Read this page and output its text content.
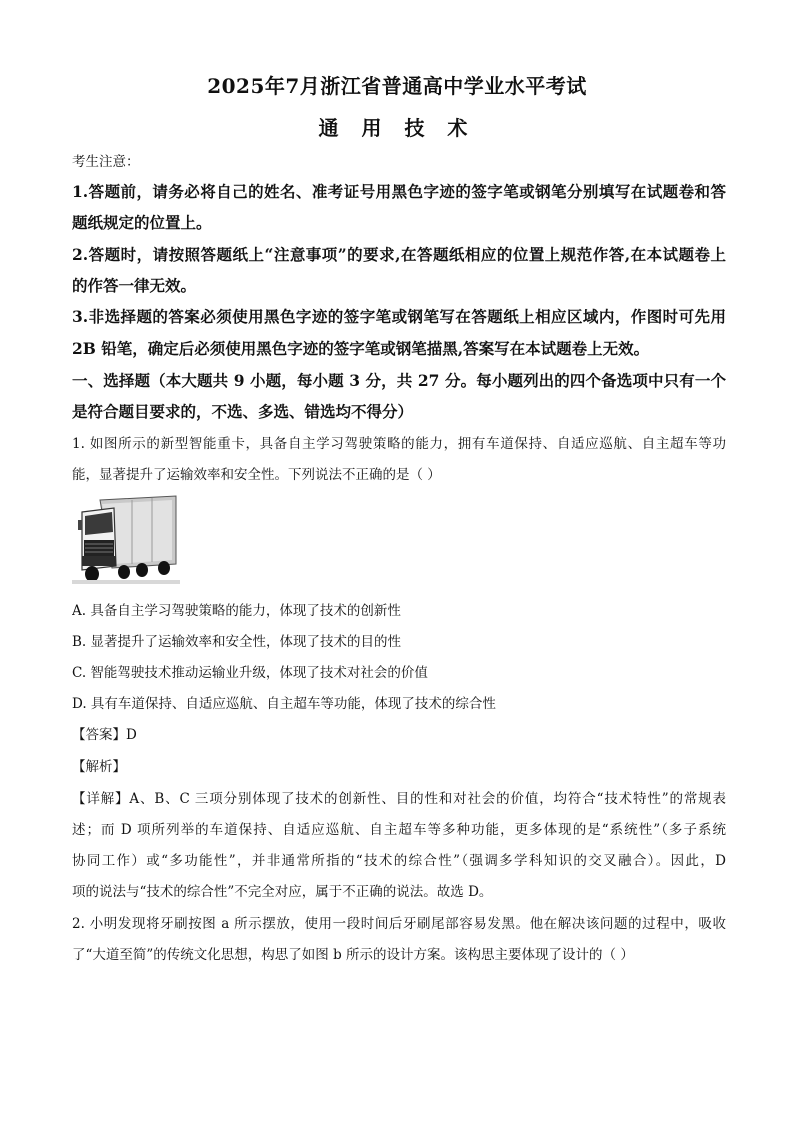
2025年7月浙江省普通高中学业水平考试
通 用 技 术
考生注意：
1.答题前，请务必将自己的姓名、准考证号用黑色字迹的签字笔或钢笔分别填写在试题卷和答
题纸规定的位置上。
2.答题时，请按照答题纸上“注意事项”的要求,在答题纸相应的位置上规范作答,在本试题卷上
的作答一律无效。
3.非选择题的答案必须使用黑色字迹的签字笔或钢笔写在答题纸上相应区域内，作图时可先用
2B 铅笔，确定后必须使用黑色字迹的签字笔或钢笔描黑,答案写在本试题卷上无效。
一、选择题（本大题共 9 小题，每小题 3 分，共 27 分。每小题列出的四个备选项中只有一个
是符合题目要求的，不选、多选、错选均不得分）
1. 如图所示的新型智能重卡，具备自主学习驾驶策略的能力，拥有车道保持、自适应巡航、自主超车等功
能，显著提升了运输效率和安全性。下列说法不正确的是（ ）
A. 具备自主学习驾驶策略的能力，体现了技术的创新性
B. 显著提升了运输效率和安全性，体现了技术的目的性
C. 智能驾驶技术推动运输业升级，体现了技术对社会的价值
D. 具有车道保持、自适应巡航、自主超车等功能，体现了技术的综合性
【答案】D
【解析】
【详解】A、B、C 三项分别体现了技术的创新性、目的性和对社会的价值，均符合“技术特性”的常规表
述；而 D 项所列举的车道保持、自适应巡航、自主超车等多种功能，更多体现的是“系统性”（多子系统
协同工作）或“多功能性”，并非通常所指的“技术的综合性”（强调多学科知识的交叉融合）。因此，D
项的说法与“技术的综合性”不完全对应，属于不正确的说法。故选 D。
2. 小明发现将牙刷按图 a 所示摆放，使用一段时间后牙刷尾部容易发黑。他在解决该问题的过程中，吸收
了“大道至简”的传统文化思想，构思了如图 b 所示的设计方案。该构思主要体现了设计的（ ）
